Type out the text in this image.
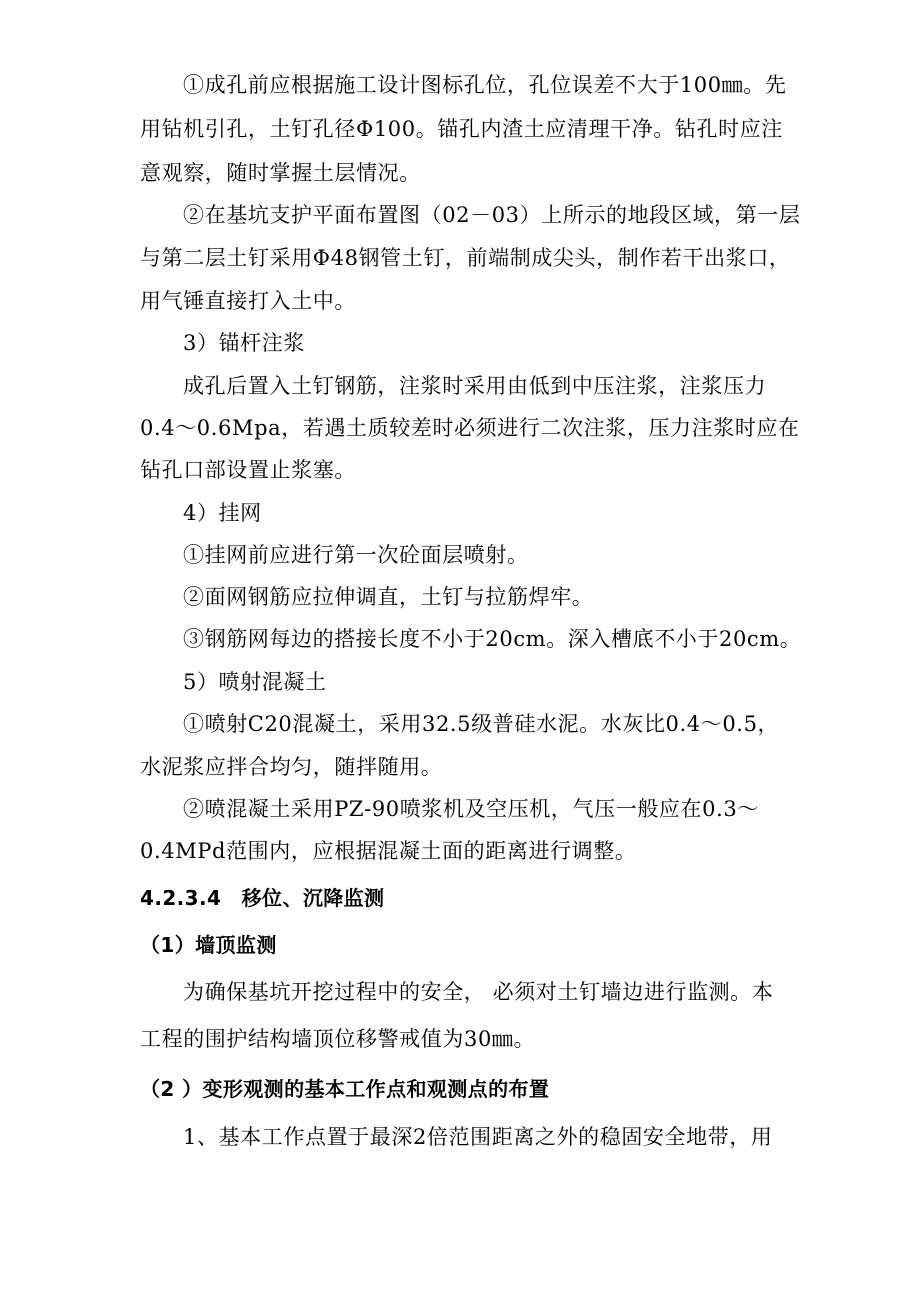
①成孔前应根据施工设计图标孔位，孔位误差不大于100㎜。先
用钻机引孔，土钉孔径Φ100。锚孔内渣土应清理干净。钻孔时应注
意观察，随时掌握土层情况。
②在基坑支护平面布置图（02－03）上所示的地段区域，第一层
与第二层土钉采用Φ48钢管土钉，前端制成尖头，制作若干出浆口，
用气锤直接打入土中。
3）锚杆注浆
成孔后置入土钉钢筋，注浆时采用由低到中压注浆，注浆压力
0.4～0.6Mpa，若遇土质较差时必须进行二次注浆，压力注浆时应在
钻孔口部设置止浆塞。
4）挂网
①挂网前应进行第一次砼面层喷射。
②面网钢筋应拉伸调直，土钉与拉筋焊牢。
③钢筋网每边的搭接长度不小于20cm。深入槽底不小于20cm。
5）喷射混凝土
①喷射C20混凝土，采用32.5级普硅水泥。水灰比0.4～0.5，
水泥浆应拌合均匀，随拌随用。
②喷混凝土采用PZ-90喷浆机及空压机，气压一般应在0.3～
0.4MPd范围内，应根据混凝土面的距离进行调整。
4.2.3.4　移位、沉降监测
（1）墙顶监测
为确保基坑开挖过程中的安全， 必须对土钉墙边进行监测。本
工程的围护结构墙顶位移警戒值为30㎜。
（2 ）变形观测的基本工作点和观测点的布置
1、基本工作点置于最深2倍范围距离之外的稳固安全地带，用
